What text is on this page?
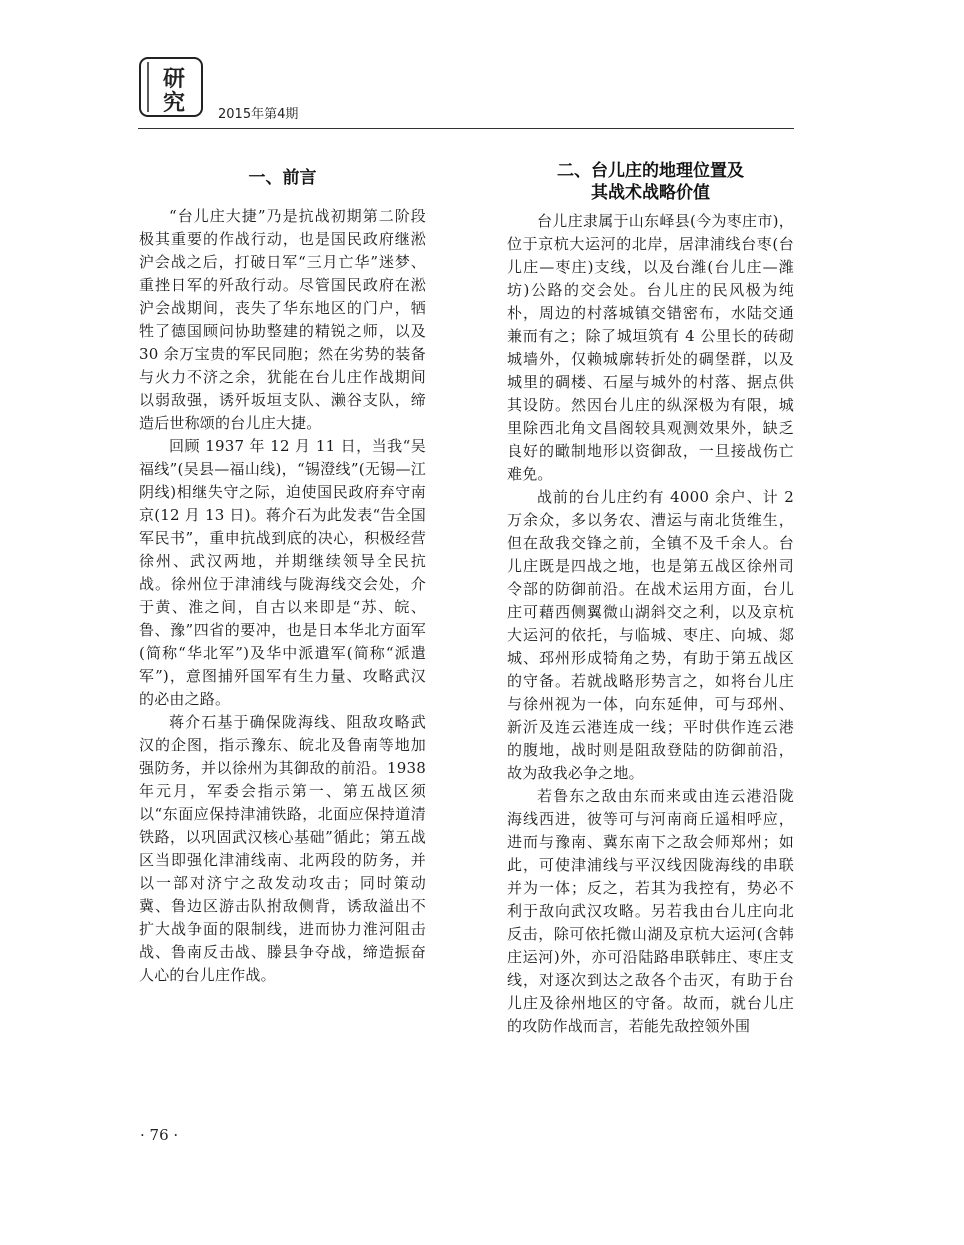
研
究	2015年第4期
一、前言

“台儿庄大捷”乃是抗战初期第二阶段极其重要的作战行动，也是国民政府继淞沪会战之后，打破日军“三月亡华”迷梦、重挫日军的歼敌行动。尽管国民政府在淞沪会战期间，丧失了华东地区的门户，牺牲了德国顾问协助整建的精锐之师，以及 30 余万宝贵的军民同胞；然在劣势的装备与火力不济之余，犹能在台儿庄作战期间以弱敌强，诱歼坂垣支队、濑谷支队，缔造后世称颂的台儿庄大捷。

回顾 1937 年 12 月 11 日，当我“吴福线”(吴县—福山线)，“锡澄线”(无锡—江阴线)相继失守之际，迫使国民政府弃守南京(12 月 13 日)。蒋介石为此发表“告全国军民书”，重申抗战到底的决心，积极经营徐州、武汉两地，并期继续领导全民抗战。徐州位于津浦线与陇海线交会处，介于黄、淮之间，自古以来即是“苏、皖、鲁、豫”四省的要冲，也是日本华北方面军(简称“华北军”)及华中派遣军(简称“派遣军”)，意图捕歼国军有生力量、攻略武汉的必由之路。

蒋介石基于确保陇海线、阻敌攻略武汉的企图，指示豫东、皖北及鲁南等地加强防务，并以徐州为其御敌的前沿。1938 年元月，军委会指示第一、第五战区须以“东面应保持津浦铁路，北面应保持道清铁路，以巩固武汉核心基础”循此；第五战区当即强化津浦线南、北两段的防务，并以一部对济宁之敌发动攻击；同时策动冀、鲁边区游击队拊敌侧背，诱敌溢出不扩大战争面的限制线，进而协力淮河阻击战、鲁南反击战、滕县争夺战，缔造振奋人心的台儿庄作战。

二、台儿庄的地理位置及
其战术战略价值

台儿庄隶属于山东峄县(今为枣庄市)，位于京杭大运河的北岸，居津浦线台枣(台儿庄—枣庄)支线，以及台潍(台儿庄—潍坊)公路的交会处。台儿庄的民风极为纯朴，周边的村落城镇交错密布，水陆交通兼而有之；除了城垣筑有 4 公里长的砖砌城墙外，仅赖城廓转折处的碉堡群，以及城里的碉楼、石屋与城外的村落、据点供其设防。然因台儿庄的纵深极为有限，城里除西北角文昌阁较具观测效果外，缺乏良好的瞰制地形以资御敌，一旦接战伤亡难免。

战前的台儿庄约有 4000 余户、计 2 万余众，多以务农、漕运与南北货维生，但在敌我交锋之前，全镇不及千余人。台儿庄既是四战之地，也是第五战区徐州司令部的防御前沿。在战术运用方面，台儿庄可藉西侧翼微山湖斜交之利，以及京杭大运河的依托，与临城、枣庄、向城、郯城、邳州形成犄角之势，有助于第五战区的守备。若就战略形势言之，如将台儿庄与徐州视为一体，向东延伸，可与邳州、新沂及连云港连成一线；平时供作连云港的腹地，战时则是阻敌登陆的防御前沿，故为敌我必争之地。

若鲁东之敌由东而来或由连云港沿陇海线西进，彼等可与河南商丘遥相呼应，进而与豫南、冀东南下之敌会师郑州；如此，可使津浦线与平汉线因陇海线的串联并为一体；反之，若其为我控有，势必不利于敌向武汉攻略。另若我由台儿庄向北反击，除可依托微山湖及京杭大运河(含韩庄运河)外，亦可沿陆路串联韩庄、枣庄支线，对逐次到达之敌各个击灭，有助于台儿庄及徐州地区的守备。故而，就台儿庄的攻防作战而言，若能先敌控领外围

· 76 ·
